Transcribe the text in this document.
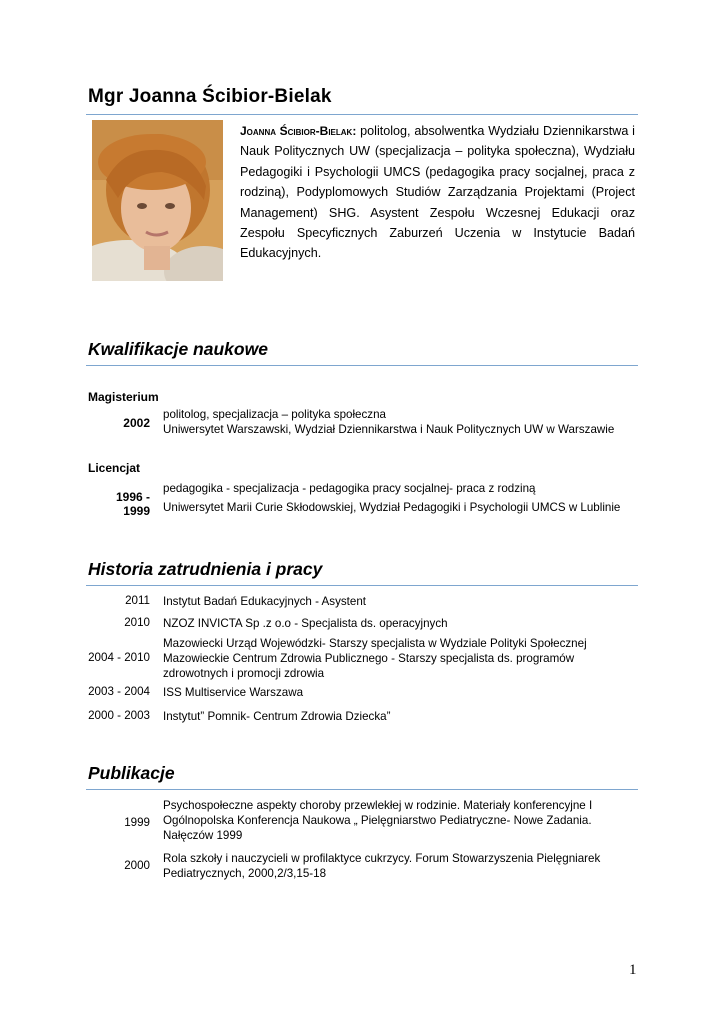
Mgr Joanna Ścibior-Bielak
Joanna Ścibior-Bielak: politolog, absolwentka Wydziału Dziennikarstwa i Nauk Politycznych UW (specjalizacja – polityka społeczna), Wydziału Pedagogiki i Psychologii UMCS (pedagogika pracy socjalnej, praca z rodziną), Podyplomowych Studiów Zarządzania Projektami (Project Management) SHG. Asystent Zespołu Wczesnej Edukacji oraz Zespołu Specyficznych Zaburzeń Uczenia w Instytucie Badań Edukacyjnych.
Kwalifikacje naukowe
Magisterium
2002
politolog, specjalizacja – polityka społeczna
Uniwersytet Warszawski, Wydział Dziennikarstwa i Nauk Politycznych UW w Warszawie
Licencjat
1996 - 1999
pedagogika - specjalizacja - pedagogika pracy socjalnej- praca z rodziną
Uniwersytet Marii Curie Skłodowskiej, Wydział Pedagogiki i Psychologii UMCS w Lublinie
Historia zatrudnienia i pracy
2011 Instytut Badań Edukacyjnych - Asystent
2010 NZOZ INVICTA Sp .z o.o - Specjalista ds. operacyjnych
2004 - 2010
Mazowiecki Urząd Wojewódzki- Starszy specjalista w Wydziale Polityki Społecznej Mazowieckie Centrum Zdrowia Publicznego - Starszy specjalista ds. programów zdrowotnych i promocji zdrowia
2003 - 2004 ISS Multiservice Warszawa
2000 - 2003 Instytut” Pomnik- Centrum Zdrowia Dziecka”
Publikacje
1999
Psychospołeczne aspekty choroby przewlekłej w rodzinie. Materiały konferencyjne I Ogólnopolska Konferencja Naukowa „ Pielęgniarstwo Pediatryczne- Nowe Zadania. Nałęczów 1999
2000
Rola szkoły i nauczycieli w profilaktyce cukrzycy. Forum Stowarzyszenia Pielęgniarek Pediatrycznych, 2000,2/3,15-18
1
